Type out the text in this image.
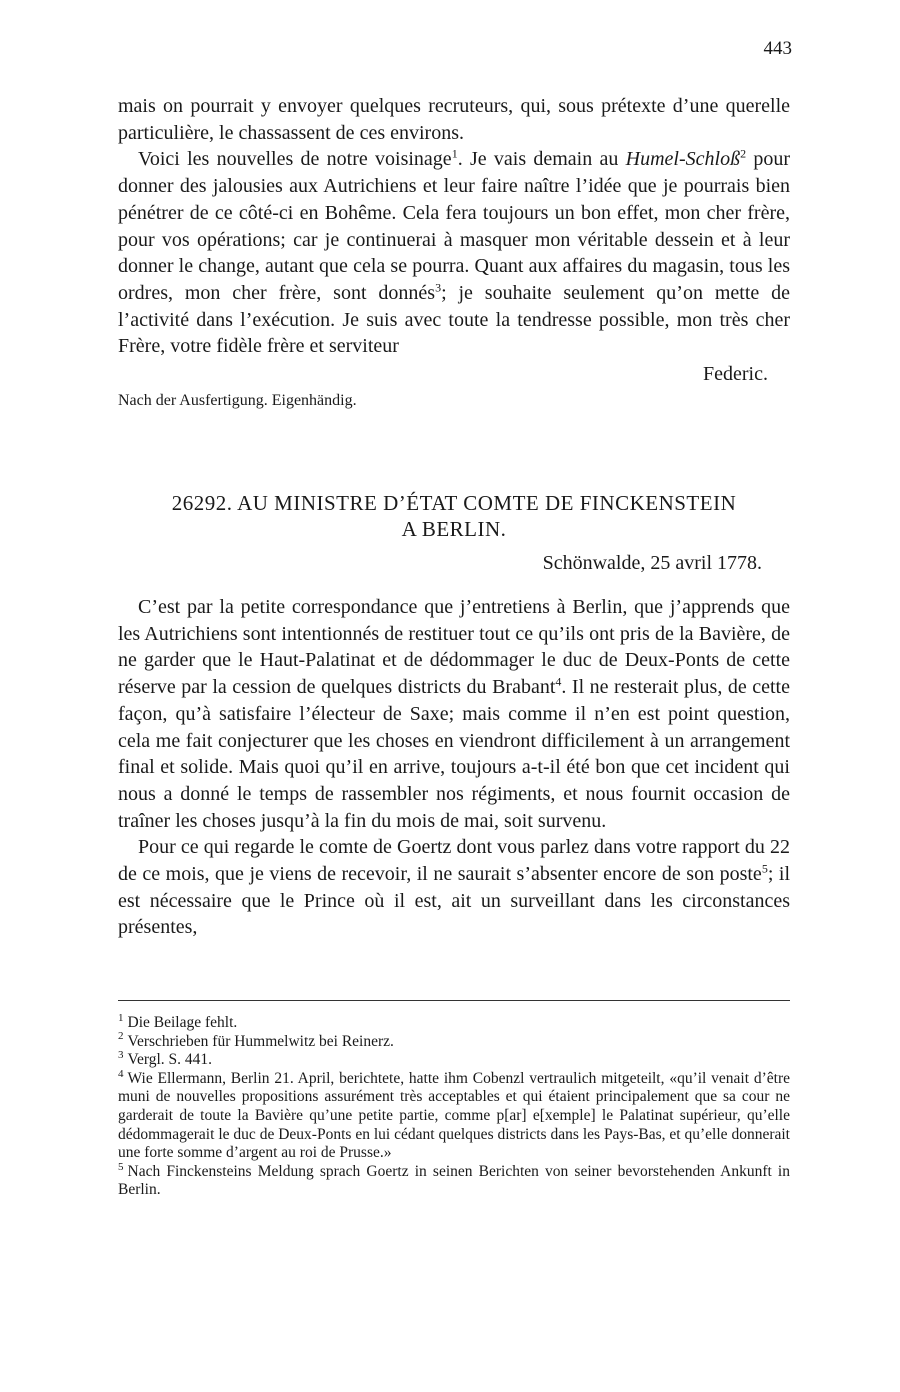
443

mais on pourrait y envoyer quelques recruteurs, qui, sous prétexte d’une querelle particulière, le chassassent de ces environs.

Voici les nouvelles de notre voisinage$^1$. Je vais demain au Humel-Schloß$^2$ pour donner des jalousies aux Autrichiens et leur faire naître l’idée que je pourrais bien pénétrer de ce côté-ci en Bohême. Cela fera toujours un bon effet, mon cher frère, pour vos opérations; car je continuerai à masquer mon véritable dessein et à leur donner le change, autant que cela se pourra. Quant aux affaires du magasin, tous les ordres, mon cher frère, sont donnés$^3$; je souhaite seulement qu’on mette de l’activité dans l’exécution. Je suis avec toute la tendresse possible, mon très cher Frère, votre fidèle frère et serviteur

Federic.

Nach der Ausfertigung. Eigenhändig.

26292. AU MINISTRE D’ÉTAT COMTE DE FINCKENSTEIN

A BERLIN.

Schönwalde, 25 avril 1778.

C’est par la petite correspondance que j’entretiens à Berlin, que j’apprends que les Autrichiens sont intentionnés de restituer tout ce qu’ils ont pris de la Bavière, de ne garder que le Haut-Palatinat et de dédommager le duc de Deux-Ponts de cette réserve par la cession de quelques districts du Brabant$^4$. Il ne resterait plus, de cette façon, qu’à satisfaire l’électeur de Saxe; mais comme il n’en est point question, cela me fait conjecturer que les choses en viendront difficilement à un arrangement final et solide. Mais quoi qu’il en arrive, toujours a-t-il été bon que cet incident qui nous a donné le temps de rassembler nos régiments, et nous fournit occasion de traîner les choses jusqu’à la fin du mois de mai, soit survenu.

Pour ce qui regarde le comte de Goertz dont vous parlez dans votre rapport du 22 de ce mois, que je viens de recevoir, il ne saurait s’absenter encore de son poste$^5$; il est nécessaire que le Prince où il est, ait un surveillant dans les circonstances présentes,

$^1$ Die Beilage fehlt.

$^2$ Verschrieben für Hummelwitz bei Reinerz.

$^3$ Vergl. S. 441.

$^4$ Wie Ellermann, Berlin 21. April, berichtete, hatte ihm Cobenzl vertraulich mitgeteilt, «qu’il venait d’être muni de nouvelles propositions assurément très acceptables et qui étaient principalement que sa cour ne garderait de toute la Bavière qu’une petite partie, comme p[ar] e[xemple] le Palatinat supérieur, qu’elle dédommagerait le duc de Deux-Ponts en lui cédant quelques districts dans les Pays-Bas, et qu’elle donnerait une forte somme d’argent au roi de Prusse.»

$^5$ Nach Finckensteins Meldung sprach Goertz in seinen Berichten von seiner bevorstehenden Ankunft in Berlin.
